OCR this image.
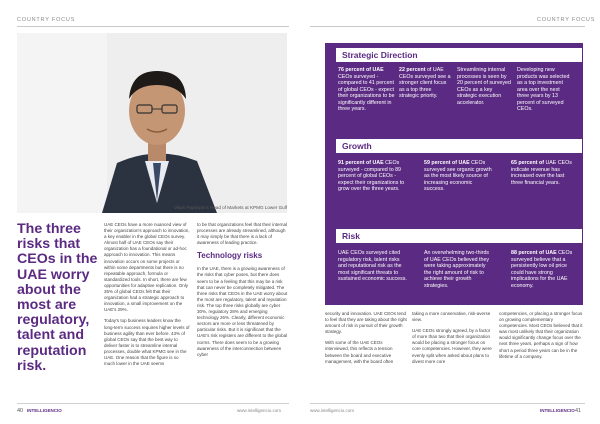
COUNTRY FOCUS	COUNTRY FOCUS
Vikas Papriwal is Head of Markets at KPMG Lower Gulf
The three risks that CEOs in the UAE worry about the most are regulatory, talent and reputation risk.

UAE CEOs have a more nuanced view of their organization's approach to innovation, a key enabler in the global CEOs survey. Almost half of UAE CEOs say their organization has a foundational or ad-hoc approach to innovation. This means innovation occurs on some projects or within some departments but there is no repeatable approach, formula or standardized tools. In short, there are few opportunities for adaptive replication. Only 35% of global CEOs felt that their organization had a strategic approach to innovation, a small improvement on the UAE's 29%.

Today's top business leaders know the long-term success requires higher levels of business agility than ever before. 43% of global CEOs say that the best way to deliver faster is to streamline internal processes, double what KPMG see in the UAE. One reason that the figure is so much lower in the UAE seems

to be that organizations feel that their internal processes are already streamlined, although it may simply be that there is a lack of awareness of leading practice.

Technology risks

In the UAE, there is a growing awareness of the risks that cyber poses, but there does seem to be a feeling that this may be a risk that can never be completely mitigated. The three risks that CEOs in the UAE worry about the most are regulatory, talent and reputation risk. The top three risks globally are cyber 30%, regulatory 28% and emerging technology 26%. Clearly, different economic sectors are more or less threatened by particular risks. But it is significant that the UAE's risk registers are different to the global norms. There does seem to be a growing awareness of the interconnection between cyber

Strategic Direction
76 percent of UAE CEOs surveyed - compared to 41 percent of global CEOs - expect their organizations to be significantly different in three years.
22 percent of UAE CEOs surveyed see a stronger client focus as a top three strategic priority.
Streamlining internal processes is seen by 20 percent of surveyed CEOs as a key strategic execution accelerator.
Developing new products was selected as a top investment area over the next three years by 13 percent of surveyed CEOs.
Growth
91 percent of UAE CEOs surveyed - compared to 89 percent of global CEOs - expect their organizations to grow over the three years.
59 percent of UAE CEOs surveyed see organic growth as the most likely source of increasing economic success.
65 percent of UAE CEOs indicate revenue has increased over the last three financial years.
Risk
UAE CEOs surveyed cited regulatory risk, talent risks and reputational risk as the most significant threats to sustained economic success.
An overwhelming two-thirds of UAE CEOs believed they were taking approximately the right amount of risk to achieve their growth strategies.
88 percent of UAE CEOs surveyed believe that a persistently low oil price could have strong implications for the UAE economy.

security and innovation. UAE CEOs tend to feel that they are taking about the right amount of risk in pursuit of their growth strategy.

With some of the UAE CEOs interviewed, this reflects a tension between the board and executive management, with the board often

taking a more conservative, risk-averse view.

UAE CEOs strongly agreed, by a factor of more than two that their organization would be placing a stronger focus on core competencies. However, they were evenly split when asked about plans to divest more core

competencies, or placing a stronger focus on growing complementary competencies. Most CEOs believed that it was most unlikely that their organization would significantly change focus over the next three years, perhaps a sign of how short a period three years can be in the lifetime of a company.

40 INTELLIGENCIO	www.intelligencio.com	www.intelligencio.com	INTELLIGENCIO 41
